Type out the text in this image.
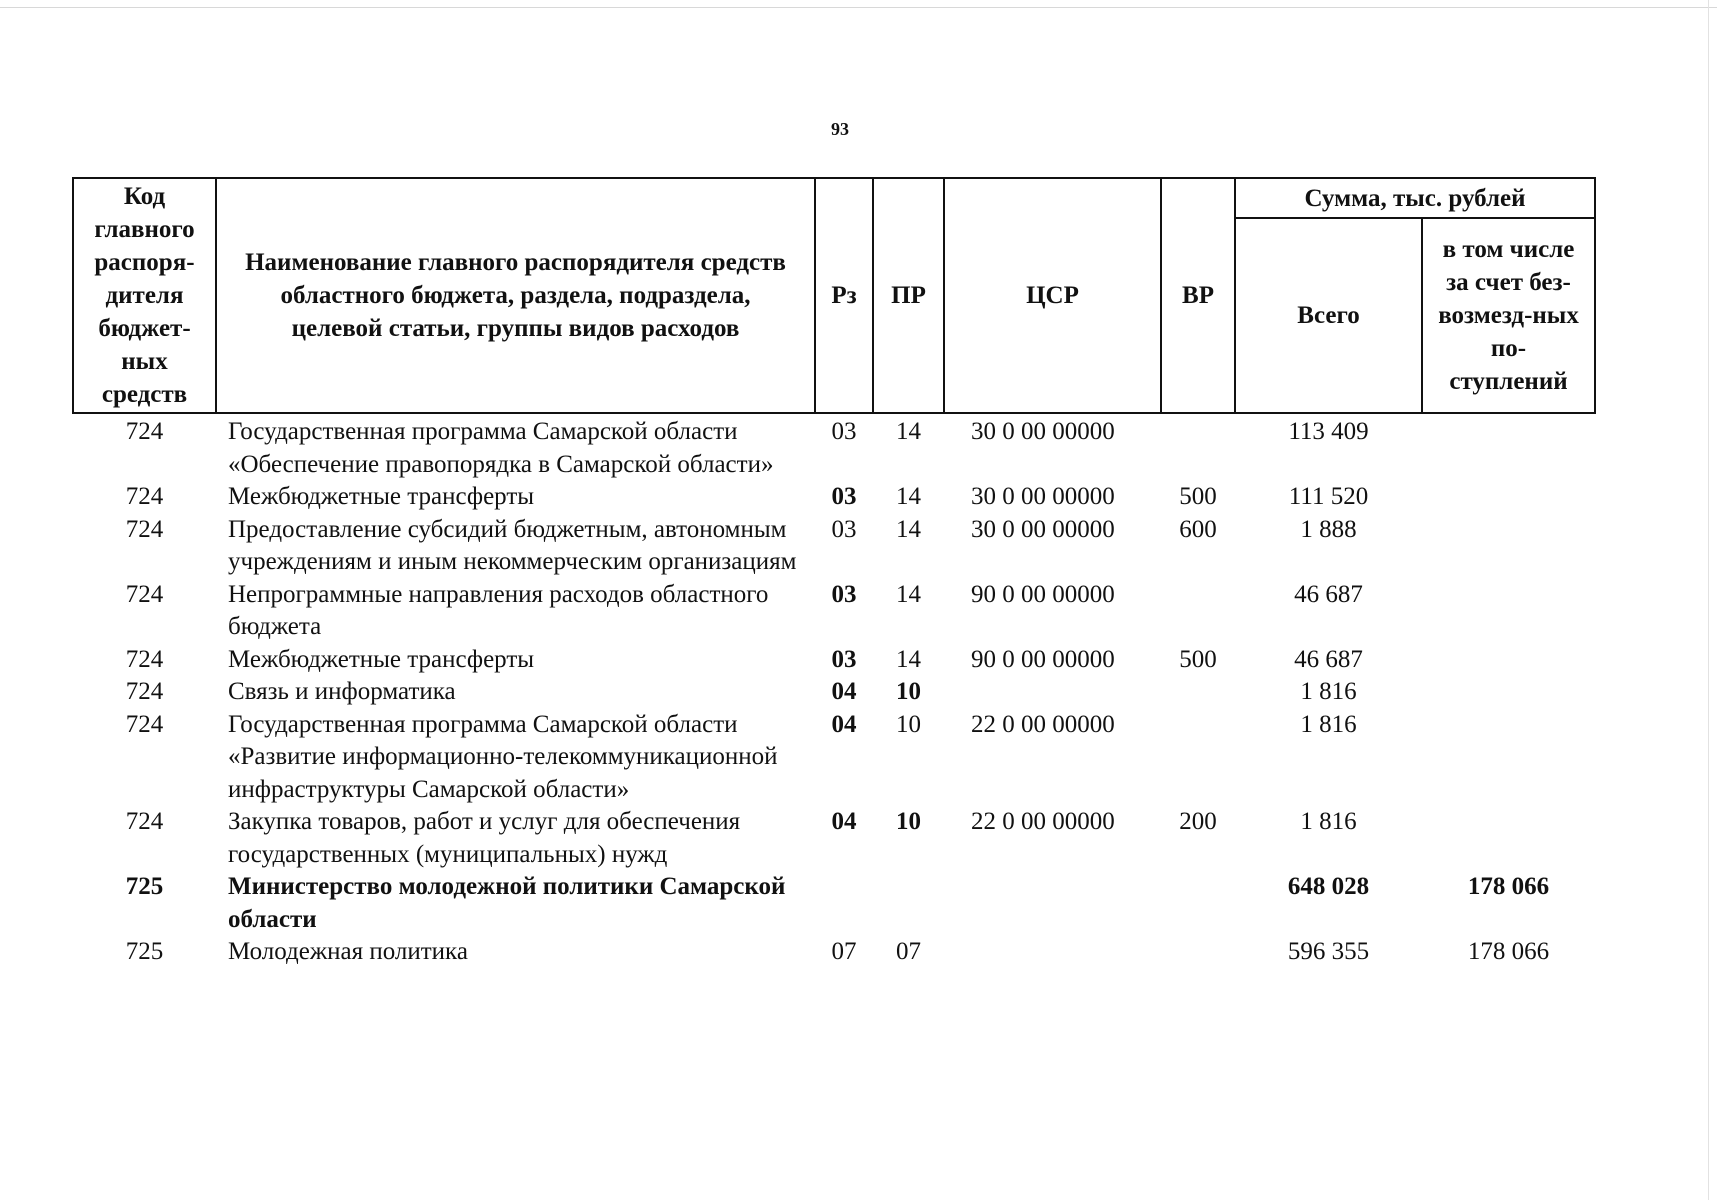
93
Код главного распоря-дителя бюджет-ных средств	Наименование главного распорядителя средств областного бюджета, раздела, подраздела, целевой статьи, группы видов расходов	Рз	ПР	ЦСР	ВР	Сумма, тыс. рублей	
						Всего	в том числе за счет без-возмезд-ных по-ступлений

724	Государственная программа Самарской области «Обеспечение правопорядка в Самарской области»	03	14	30 0 00 00000		113 409	
724	Межбюджетные трансферты	03	14	30 0 00 00000	500	111 520	
724	Предоставление субсидий бюджетным, автономным учреждениям и иным некоммерческим организациям	03	14	30 0 00 00000	600	1 888	
724	Непрограммные направления расходов областного бюджета	03	14	90 0 00 00000		46 687	
724	Межбюджетные трансферты	03	14	90 0 00 00000	500	46 687	
724	Связь и информатика	04	10			1 816	
724	Государственная программа Самарской области «Развитие информационно-телекоммуникационной инфраструктуры Самарской области»	04	10	22 0 00 00000		1 816	
724	Закупка товаров, работ и услуг для обеспечения государственных (муниципальных) нужд	04	10	22 0 00 00000	200	1 816	
725	Министерство молодежной политики Самарской области					648 028	178 066
725	Молодежная политика	07	07			596 355	178 066
